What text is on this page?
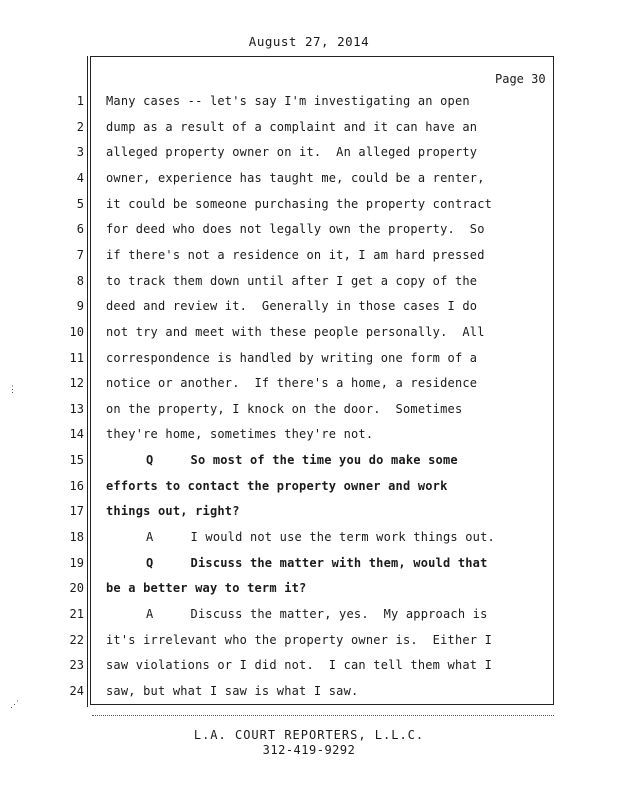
August 27, 2014
Page 30
1 Many cases -- let's say I'm investigating an open
2 dump as a result of a complaint and it can have an
3 alleged property owner on it.  An alleged property
4 owner, experience has taught me, could be a renter,
5 it could be someone purchasing the property contract
6 for deed who does not legally own the property.  So
7 if there's not a residence on it, I am hard pressed
8 to track them down until after I get a copy of the
9 deed and review it.  Generally in those cases I do
10 not try and meet with these people personally.  All
11 correspondence is handled by writing one form of a
12 notice or another.  If there's a home, a residence
13 on the property, I knock on the door.  Sometimes
14 they're home, sometimes they're not.
15	Q     So most of the time you do make some
16 efforts to contact the property owner and work
17 things out, right?
18	A     I would not use the term work things out.
19	Q     Discuss the matter with them, would that
20 be a better way to term it?
21	A     Discuss the matter, yes.  My approach is
22 it's irrelevant who the property owner is.  Either I
23 saw violations or I did not.  I can tell them what I
24 saw, but what I saw is what I saw.
L.A. COURT REPORTERS, L.L.C.
312-419-9292
⋮
⋰
